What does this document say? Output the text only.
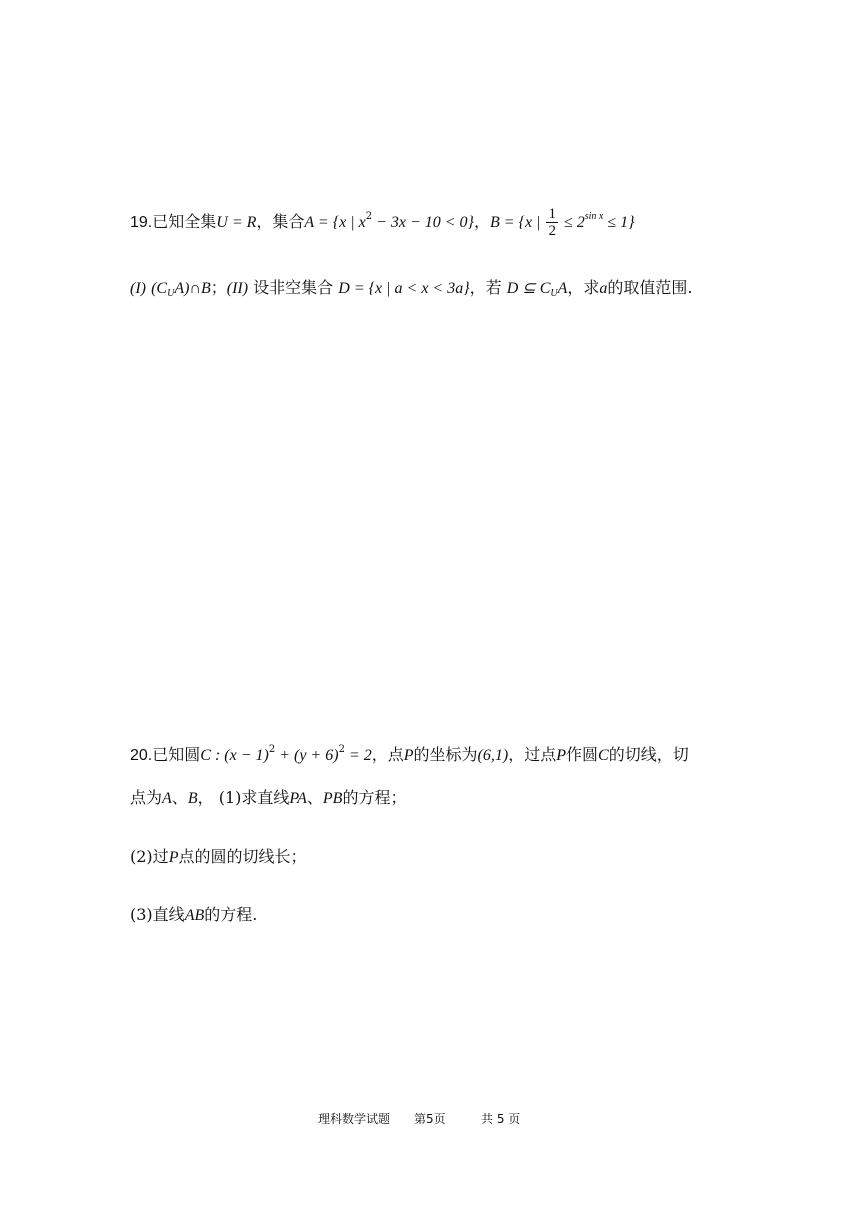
19.已知全集U = R，集合A = {x | $x^2 - 3x - 10 < 0$}，B = {x | $\frac{1}{2} \le 2^{sin x} \le 1$}
(I) $(C_UA)\cap B$；(II) 设非空集合 D = {x | a < x < 3a}，若 D ⊆ $C_UA$，求a的取值范围.
20.已知圆C : $(x - 1)^2 + (y + 6)^2 = 2$，点P的坐标为(6,1)，过点P作圆C的切线，切
点为A、B， (1)求直线PA、PB的方程；
(2)过P点的圆的切线长；
(3)直线AB的方程.
理科数学试题 第5页	共 5 页
